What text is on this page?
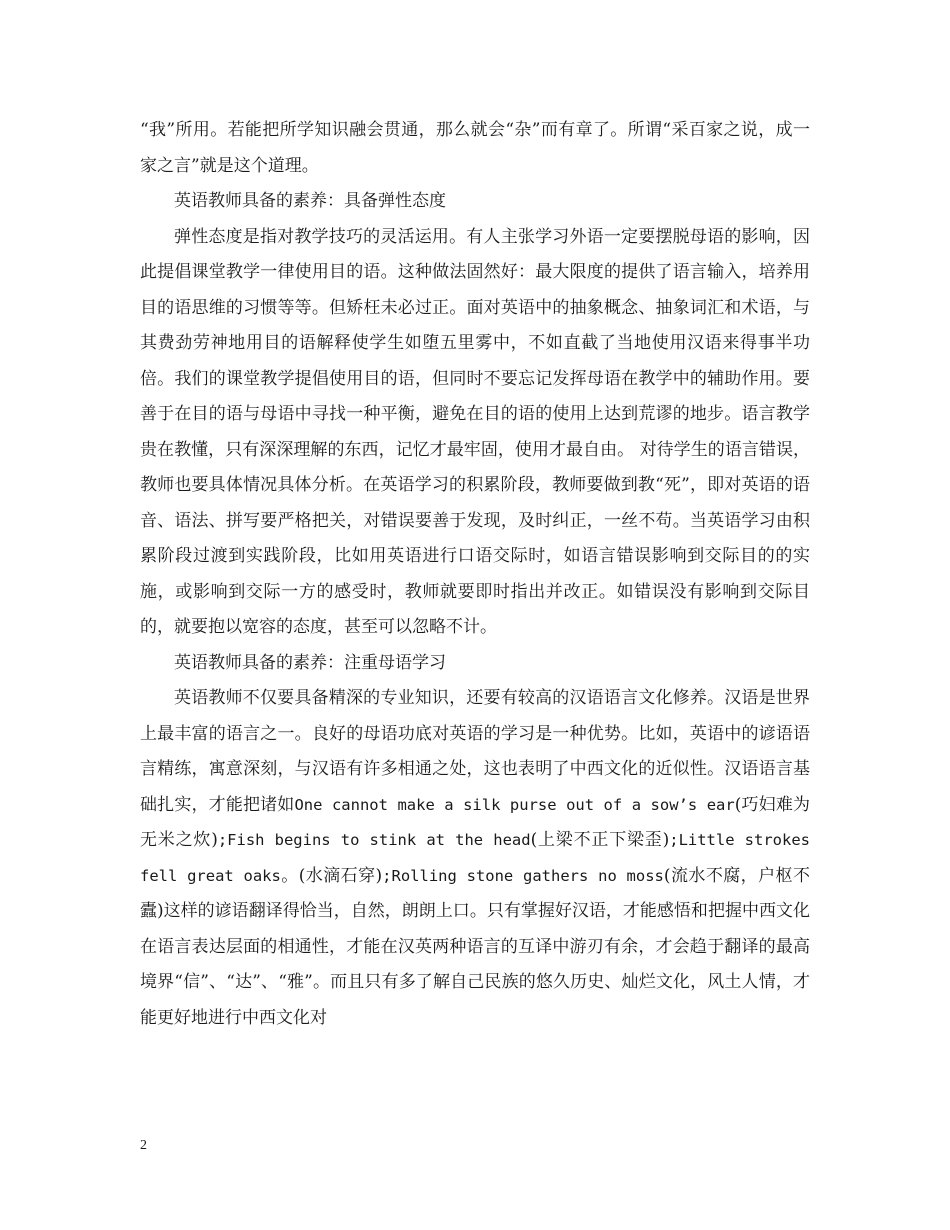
“我”所用。若能把所学知识融会贯通，那么就会“杂”而有章了。所谓“采百家之说，成一家之言”就是这个道理。

英语教师具备的素养：具备弹性态度

弹性态度是指对教学技巧的灵活运用。有人主张学习外语一定要摆脱母语的影响，因此提倡课堂教学一律使用目的语。这种做法固然好：最大限度的提供了语言输入，培养用目的语思维的习惯等等。但矫枉未必过正。面对英语中的抽象概念、抽象词汇和术语，与其费劲劳神地用目的语解释使学生如堕五里雾中，不如直截了当地使用汉语来得事半功倍。我们的课堂教学提倡使用目的语，但同时不要忘记发挥母语在教学中的辅助作用。要善于在目的语与母语中寻找一种平衡，避免在目的语的使用上达到荒谬的地步。语言教学贵在教懂，只有深深理解的东西，记忆才最牢固，使用才最自由。 对待学生的语言错误，教师也要具体情况具体分析。在英语学习的积累阶段，教师要做到教“死”，即对英语的语音、语法、拼写要严格把关，对错误要善于发现，及时纠正，一丝不苟。当英语学习由积累阶段过渡到实践阶段，比如用英语进行口语交际时，如语言错误影响到交际目的的实施，或影响到交际一方的感受时，教师就要即时指出并改正。如错误没有影响到交际目的，就要抱以宽容的态度，甚至可以忽略不计。

英语教师具备的素养：注重母语学习

英语教师不仅要具备精深的专业知识，还要有较高的汉语语言文化修养。汉语是世界上最丰富的语言之一。良好的母语功底对英语的学习是一种优势。比如，英语中的谚语语言精练，寓意深刻，与汉语有许多相通之处，这也表明了中西文化的近似性。汉语语言基础扎实，才能把诸如One cannot make a silk purse out of a sow’s ear(巧妇难为无米之炊);Fish begins to stink at the head(上梁不正下梁歪);Little strokes fell great oaks。(水滴石穿);Rolling stone gathers no moss(流水不腐，户枢不蠹)这样的谚语翻译得恰当，自然，朗朗上口。只有掌握好汉语，才能感悟和把握中西文化在语言表达层面的相通性，才能在汉英两种语言的互译中游刃有余，才会趋于翻译的最高境界“信”、“达”、“雅”。而且只有多了解自己民族的悠久历史、灿烂文化，风土人情，才能更好地进行中西文化对

2
